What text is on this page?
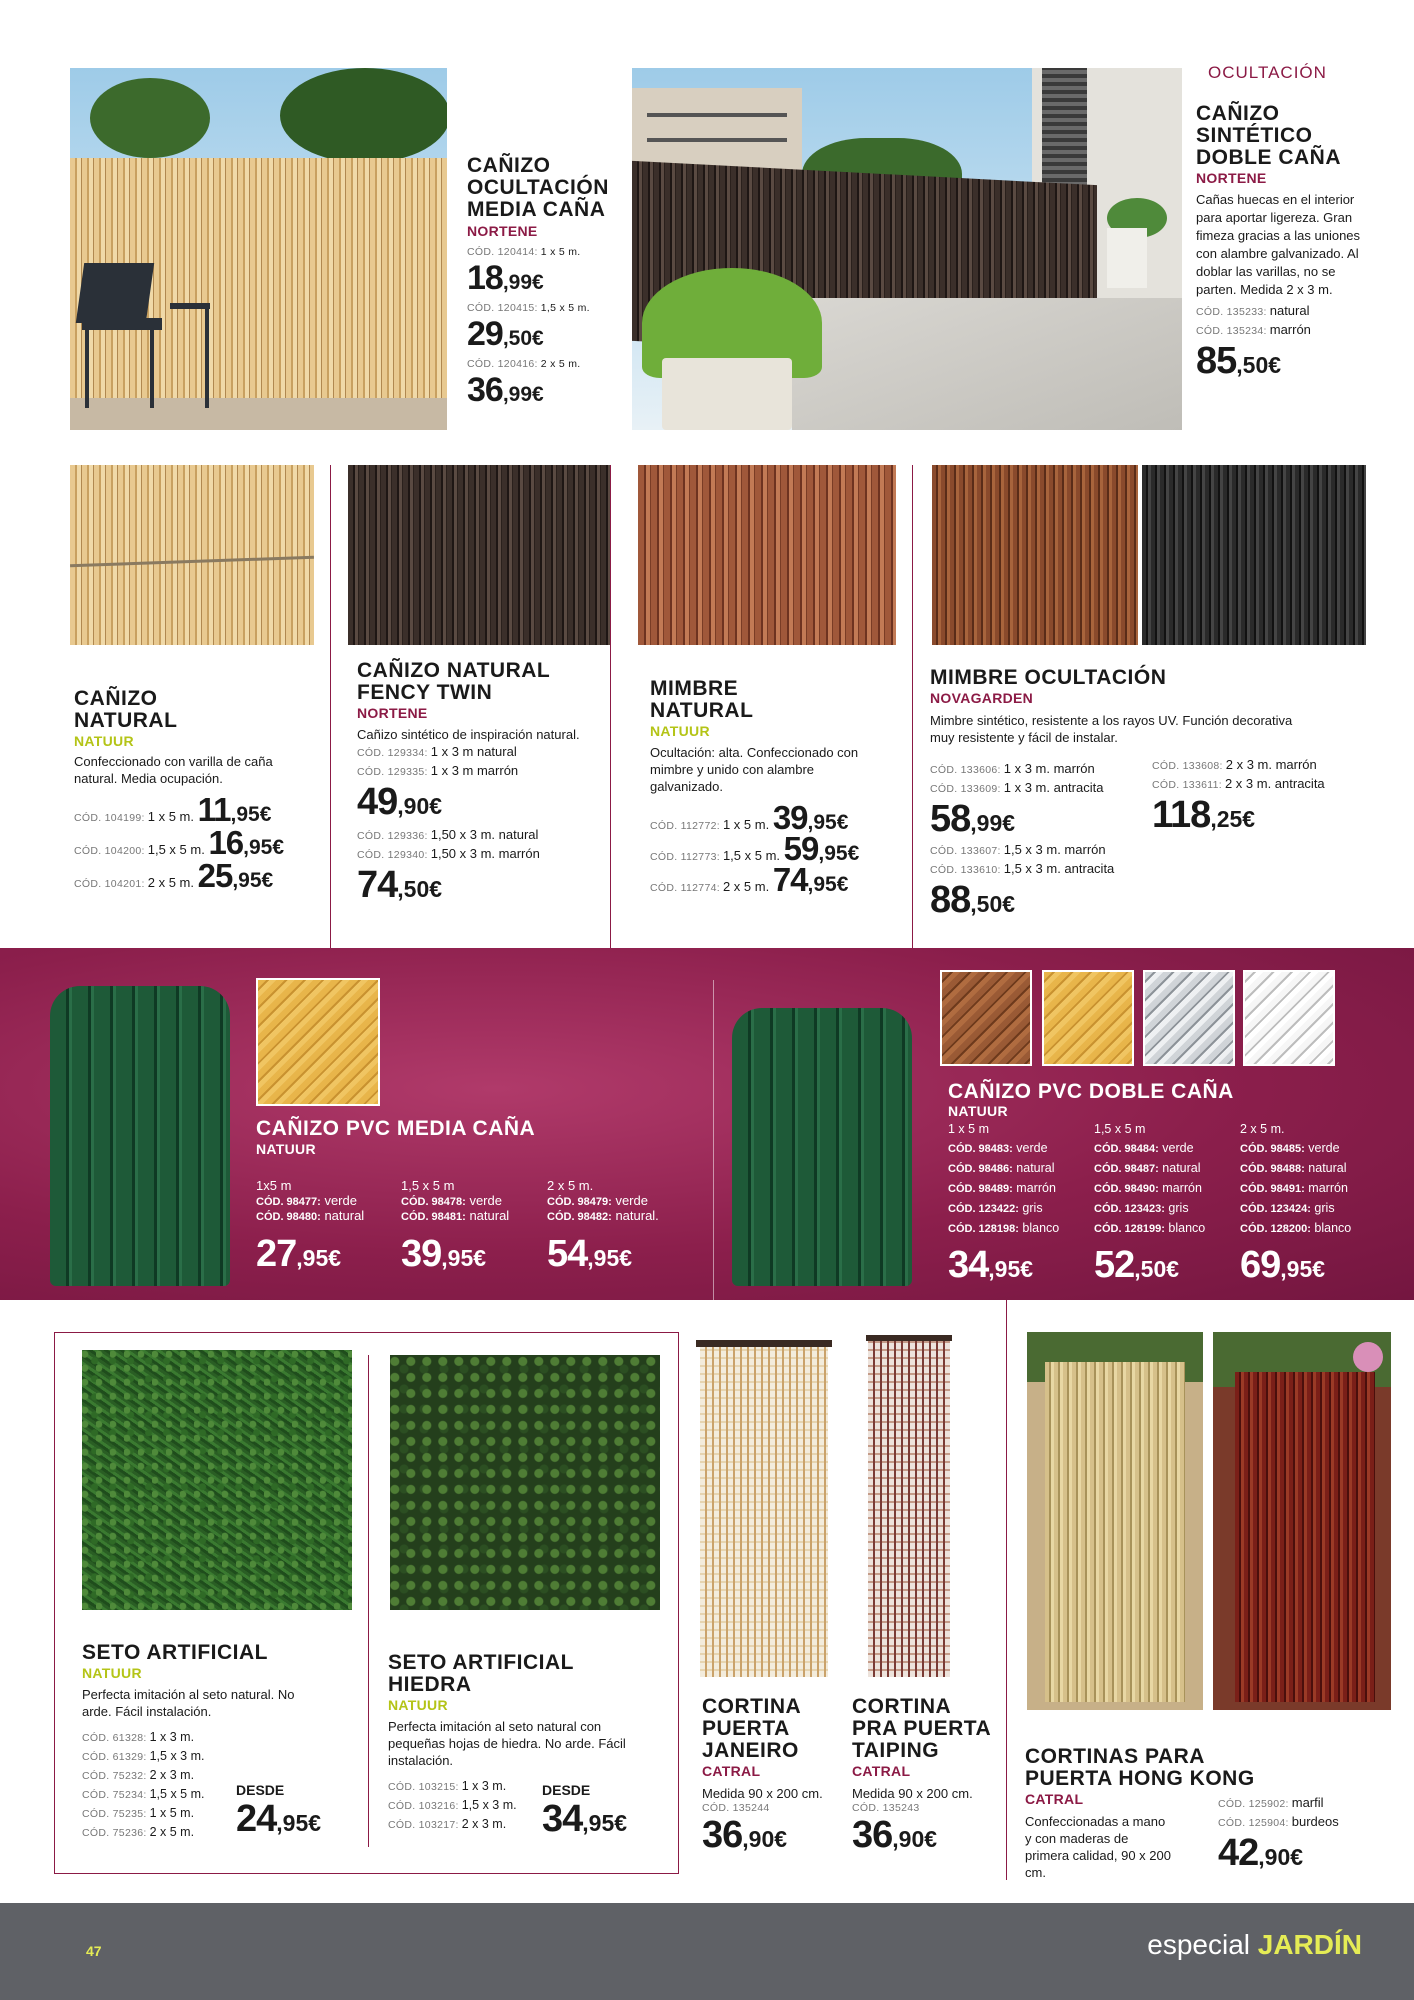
CAÑIZO OCULTACIÓN MEDIA CAÑA
NORTENE
CÓD. 120414: 1 x 5 m.
18,99€
CÓD. 120415: 1,5 x 5 m.
29,50€
CÓD. 120416: 2 x 5 m.
36,99€
OCULTACIÓN
CAÑIZO SINTÉTICO DOBLE CAÑA
NORTENE
Cañas huecas en el interior para aportar ligereza. Gran fimeza gracias a las uniones con alambre galvanizado. Al doblar las varillas, no se parten. Medida 2 x 3 m.
CÓD. 135233: natural
CÓD. 135234: marrón
85,50€
CAÑIZO NATURAL
NATUUR
Confeccionado con varilla de caña natural. Media ocupación.
CÓD. 104199: 1 x 5 m. 11,95€
CÓD. 104200: 1,5 x 5 m. 16,95€
CÓD. 104201: 2 x 5 m. 25,95€
CAÑIZO NATURAL FENCY TWIN
NORTENE
Cañizo sintético de inspiración natural.
CÓD. 129334: 1 x 3 m natural
CÓD. 129335: 1 x 3 m marrón
49,90€
CÓD. 129336: 1,50 x 3 m. natural
CÓD. 129340: 1,50 x 3 m. marrón
74,50€
MIMBRE NATURAL
NATUUR
Ocultación: alta. Confeccionado con mimbre y unido con alambre galvanizado.
CÓD. 112772: 1 x 5 m. 39,95€
CÓD. 112773: 1,5 x 5 m. 59,95€
CÓD. 112774: 2 x 5 m. 74,95€
MIMBRE OCULTACIÓN
NOVAGARDEN
Mimbre sintético, resistente a los rayos UV. Función decorativa muy resistente y fácil de instalar.
CÓD. 133606: 1 x 3 m. marrón
CÓD. 133609: 1 x 3 m. antracita
58,99€
CÓD. 133607: 1,5 x 3 m. marrón
CÓD. 133610: 1,5 x 3 m. antracita
88,50€
CÓD. 133608: 2 x 3 m. marrón
CÓD. 133611: 2 x 3 m. antracita
118,25€
CAÑIZO PVC MEDIA CAÑA
NATUUR
1x5 m
CÓD. 98477: verde
CÓD. 98480: natural
27,95€
1,5 x 5 m
CÓD. 98478: verde
CÓD. 98481: natural
39,95€
2 x 5 m.
CÓD. 98479: verde
CÓD. 98482: natural.
54,95€
CAÑIZO PVC DOBLE CAÑA
NATUUR
1 x 5 m
CÓD. 98483: verde
CÓD. 98486: natural
CÓD. 98489: marrón
CÓD. 123422: gris
CÓD. 128198: blanco
34,95€
1,5 x 5 m
CÓD. 98484: verde
CÓD. 98487: natural
CÓD. 98490: marrón
CÓD. 123423: gris
CÓD. 128199: blanco
52,50€
2 x 5 m.
CÓD. 98485: verde
CÓD. 98488: natural
CÓD. 98491: marrón
CÓD. 123424: gris
CÓD. 128200: blanco
69,95€
SETO ARTIFICIAL
NATUUR
Perfecta imitación al seto natural. No arde. Fácil instalación.
CÓD. 61328: 1 x 3 m.
CÓD. 61329: 1,5 x 3 m.
CÓD. 75232: 2 x 3 m.
CÓD. 75234: 1,5 x 5 m.
CÓD. 75235: 1 x 5 m.
CÓD. 75236: 2 x 5 m.
DESDE
24,95€
SETO ARTIFICIAL HIEDRA
NATUUR
Perfecta imitación al seto natural con pequeñas hojas de hiedra. No arde. Fácil instalación.
CÓD. 103215: 1 x 3 m.
CÓD. 103216: 1,5 x 3 m.
CÓD. 103217: 2 x 3 m.
DESDE
34,95€
CORTINA PUERTA JANEIRO
CATRAL
Medida 90 x 200 cm.
CÓD. 135244
36,90€
CORTINA PRA PUERTA TAIPING
CATRAL
Medida 90 x 200 cm.
CÓD. 135243
36,90€
CORTINAS PARA PUERTA HONG KONG
CATRAL
Confeccionadas a mano y con maderas de primera calidad, 90 x 200 cm.
CÓD. 125902: marfil
CÓD. 125904: burdeos
42,90€
47	especial JARDÍN
